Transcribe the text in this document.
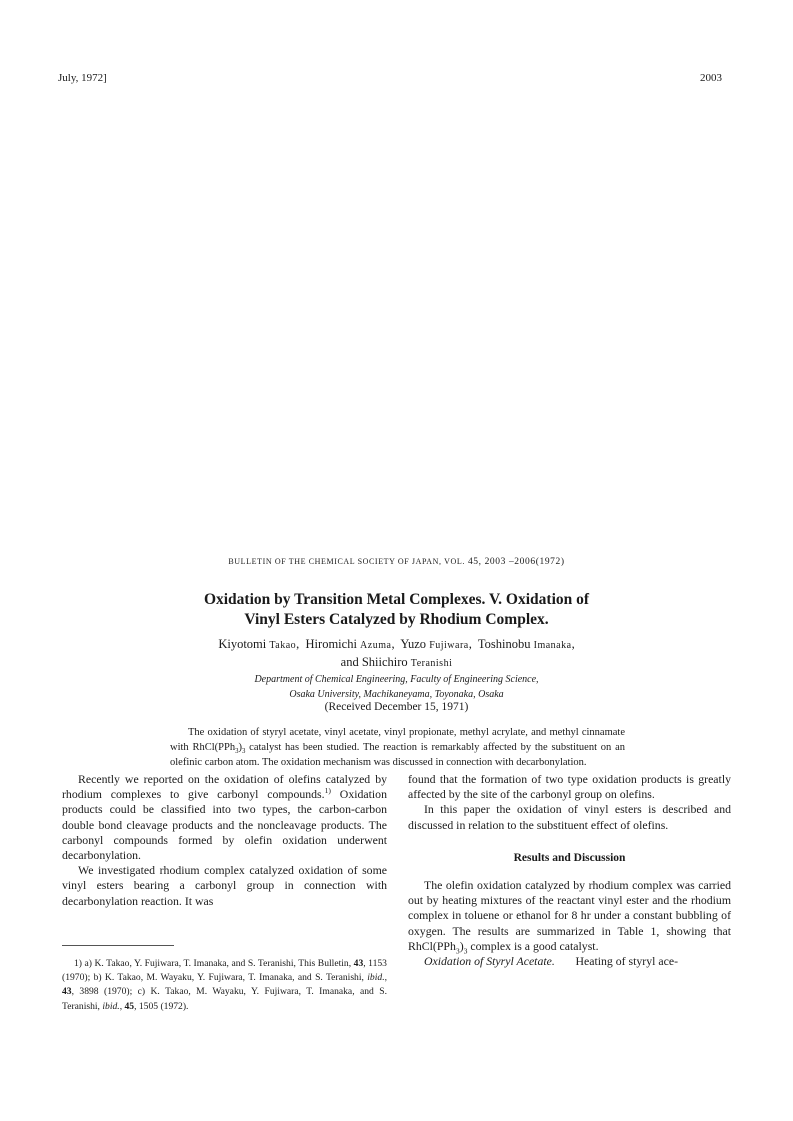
July, 1972]	2003
BULLETIN OF THE CHEMICAL SOCIETY OF JAPAN, VOL. 45, 2003 –2006(1972)
Oxidation by Transition Metal Complexes. V. Oxidation of
Vinyl Esters Catalyzed by Rhodium Complex.
Kiyotomi Takao,  Hiromichi Azuma,  Yuzo Fujiwara,  Toshinobu Imanaka,
and Shiichiro Teranishi
Department of Chemical Engineering, Faculty of Engineering Science,
Osaka University, Machikaneyama, Toyonaka, Osaka
(Received December 15, 1971)
The oxidation of styryl acetate, vinyl acetate, vinyl propionate, methyl acrylate, and methyl cinnamate with $RhCl(PPh_3)_3$ catalyst has been studied. The reaction is remarkably affected by the substituent on an olefinic carbon atom. The oxidation mechanism was discussed in connection with decarbonylation.

Recently we reported on the oxidation of olefins catalyzed by rhodium complexes to give carbonyl compounds.$^{1)}$ Oxidation products could be classified into two types, the carbon-carbon double bond cleavage products and the noncleavage products. The carbonyl compounds formed by olefin oxidation underwent decarbonylation.

We investigated rhodium complex catalyzed oxidation of some vinyl esters bearing a carbonyl group in connection with decarbonylation reaction. It was

1) a) K. Takao, Y. Fujiwara, T. Imanaka, and S. Teranishi, This Bulletin, 43, 1153 (1970); b) K. Takao, M. Wayaku, Y. Fujiwara, T. Imanaka, and S. Teranishi, ibid., 43, 3898 (1970); c) K. Takao, M. Wayaku, Y. Fujiwara, T. Imanaka, and S. Teranishi, ibid., 45, 1505 (1972).

found that the formation of two type oxidation products is greatly affected by the site of the carbonyl group on olefins.

In this paper the oxidation of vinyl esters is described and discussed in relation to the substituent effect of olefins.

Results and Discussion

The olefin oxidation catalyzed by rhodium complex was carried out by heating mixtures of the reactant vinyl ester and the rhodium complex in toluene or ethanol for 8 hr under a constant bubbling of oxygen. The results are summarized in Table 1, showing that $RhCl(PPh_3)_3$ complex is a good catalyst.

Oxidation of Styryl Acetate.       Heating of styryl ace-
